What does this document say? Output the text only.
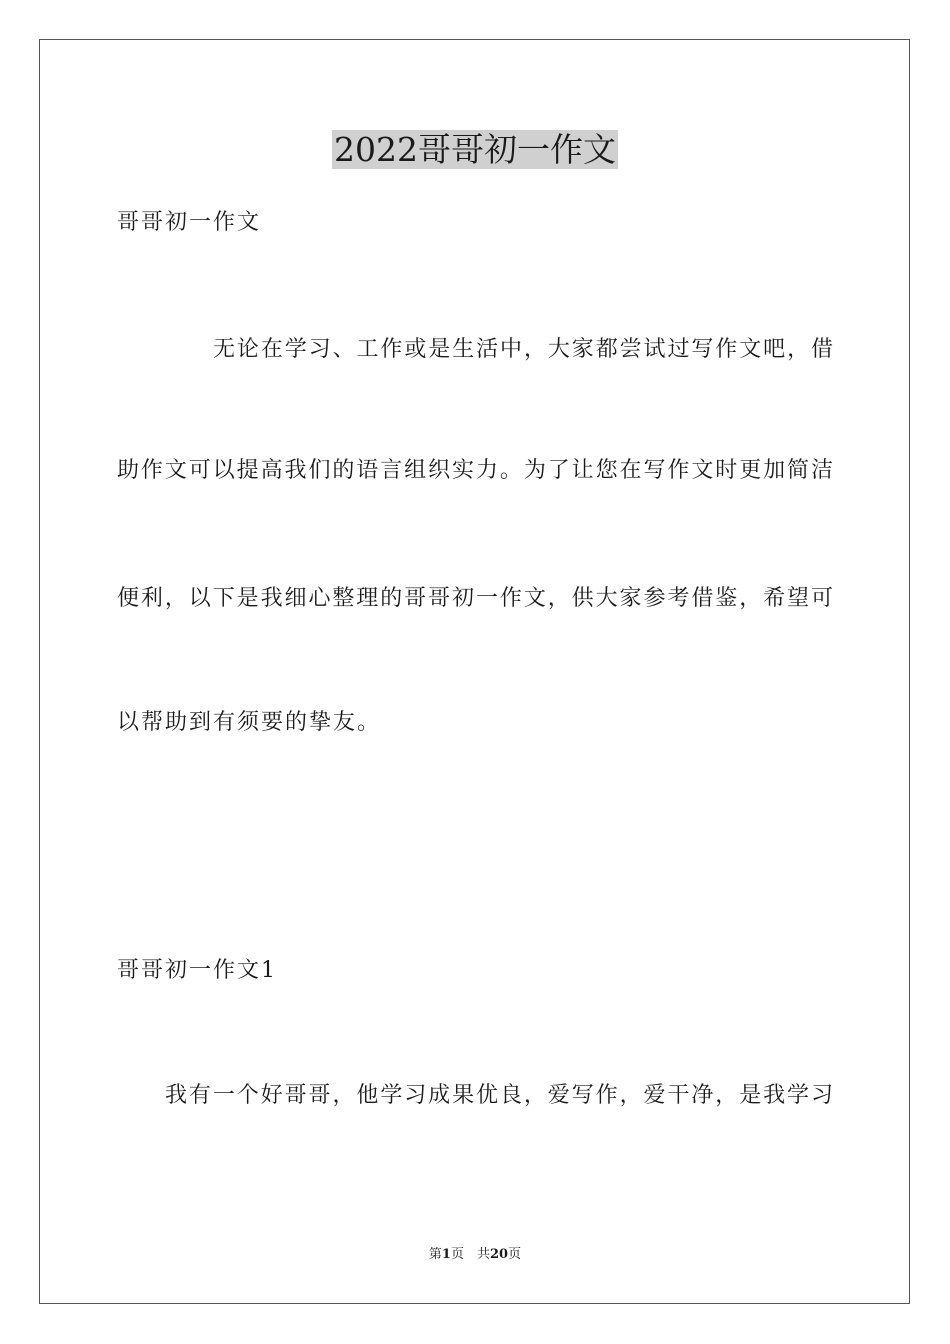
2022哥哥初一作文
哥哥初一作文
无论在学习、工作或是生活中，大家都尝试过写作文吧，借
助作文可以提高我们的语言组织实力。为了让您在写作文时更加简洁
便利，以下是我细心整理的哥哥初一作文，供大家参考借鉴，希望可
以帮助到有须要的挚友。
哥哥初一作文1
我有一个好哥哥，他学习成果优良，爱写作，爱干净，是我学习
第1页　共20页
